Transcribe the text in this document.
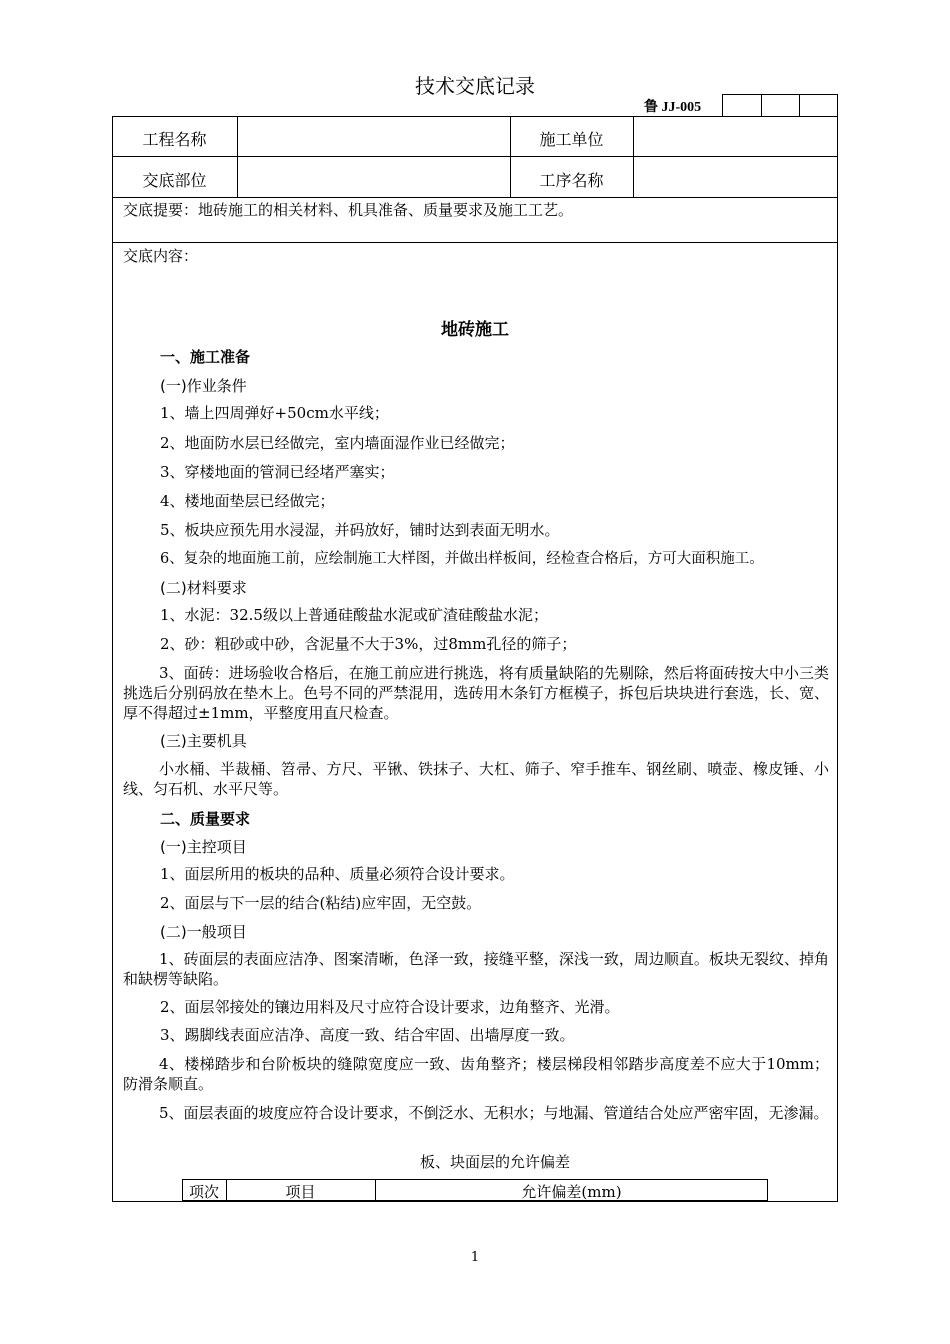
技术交底记录
鲁 JJ-005
工程名称	施工单位
交底部位	工序名称
交底提要：地砖施工的相关材料、机具准备、质量要求及施工工艺。
交底内容：
地砖施工
一、施工准备
(一)作业条件
1、墙上四周弹好+50cm水平线；
2、地面防水层已经做完，室内墙面湿作业已经做完；
3、穿楼地面的管洞已经堵严塞实；
4、楼地面垫层已经做完；
5、板块应预先用水浸湿，并码放好，铺时达到表面无明水。
6、复杂的地面施工前，应绘制施工大样图，并做出样板间，经检查合格后，方可大面积施工。
(二)材料要求
1、水泥：32.5级以上普通硅酸盐水泥或矿渣硅酸盐水泥；
2、砂：粗砂或中砂，含泥量不大于3%，过8mm孔径的筛子；
3、面砖：进场验收合格后，在施工前应进行挑选，将有质量缺陷的先剔除，然后将面砖按大中小三类挑选后分别码放在垫木上。色号不同的严禁混用，选砖用木条钉方框模子，拆包后块块进行套选，长、宽、厚不得超过±1mm，平整度用直尺检查。
(三)主要机具
小水桶、半裁桶、笤帚、方尺、平锹、铁抹子、大杠、筛子、窄手推车、钢丝刷、喷壶、橡皮锤、小线、匀石机、水平尺等。
二、质量要求
(一)主控项目
1、面层所用的板块的品种、质量必须符合设计要求。
2、面层与下一层的结合(粘结)应牢固，无空鼓。
(二)一般项目
1、砖面层的表面应洁净、图案清晰，色泽一致，接缝平整，深浅一致，周边顺直。板块无裂纹、掉角和缺楞等缺陷。
2、面层邻接处的镶边用料及尺寸应符合设计要求，边角整齐、光滑。
3、踢脚线表面应洁净、高度一致、结合牢固、出墙厚度一致。
4、楼梯踏步和台阶板块的缝隙宽度应一致、齿角整齐；楼层梯段相邻踏步高度差不应大于10mm；防滑条顺直。
5、面层表面的坡度应符合设计要求，不倒泛水、无积水；与地漏、管道结合处应严密牢固，无渗漏。
板、块面层的允许偏差
项次	项目	允许偏差(mm)
1
